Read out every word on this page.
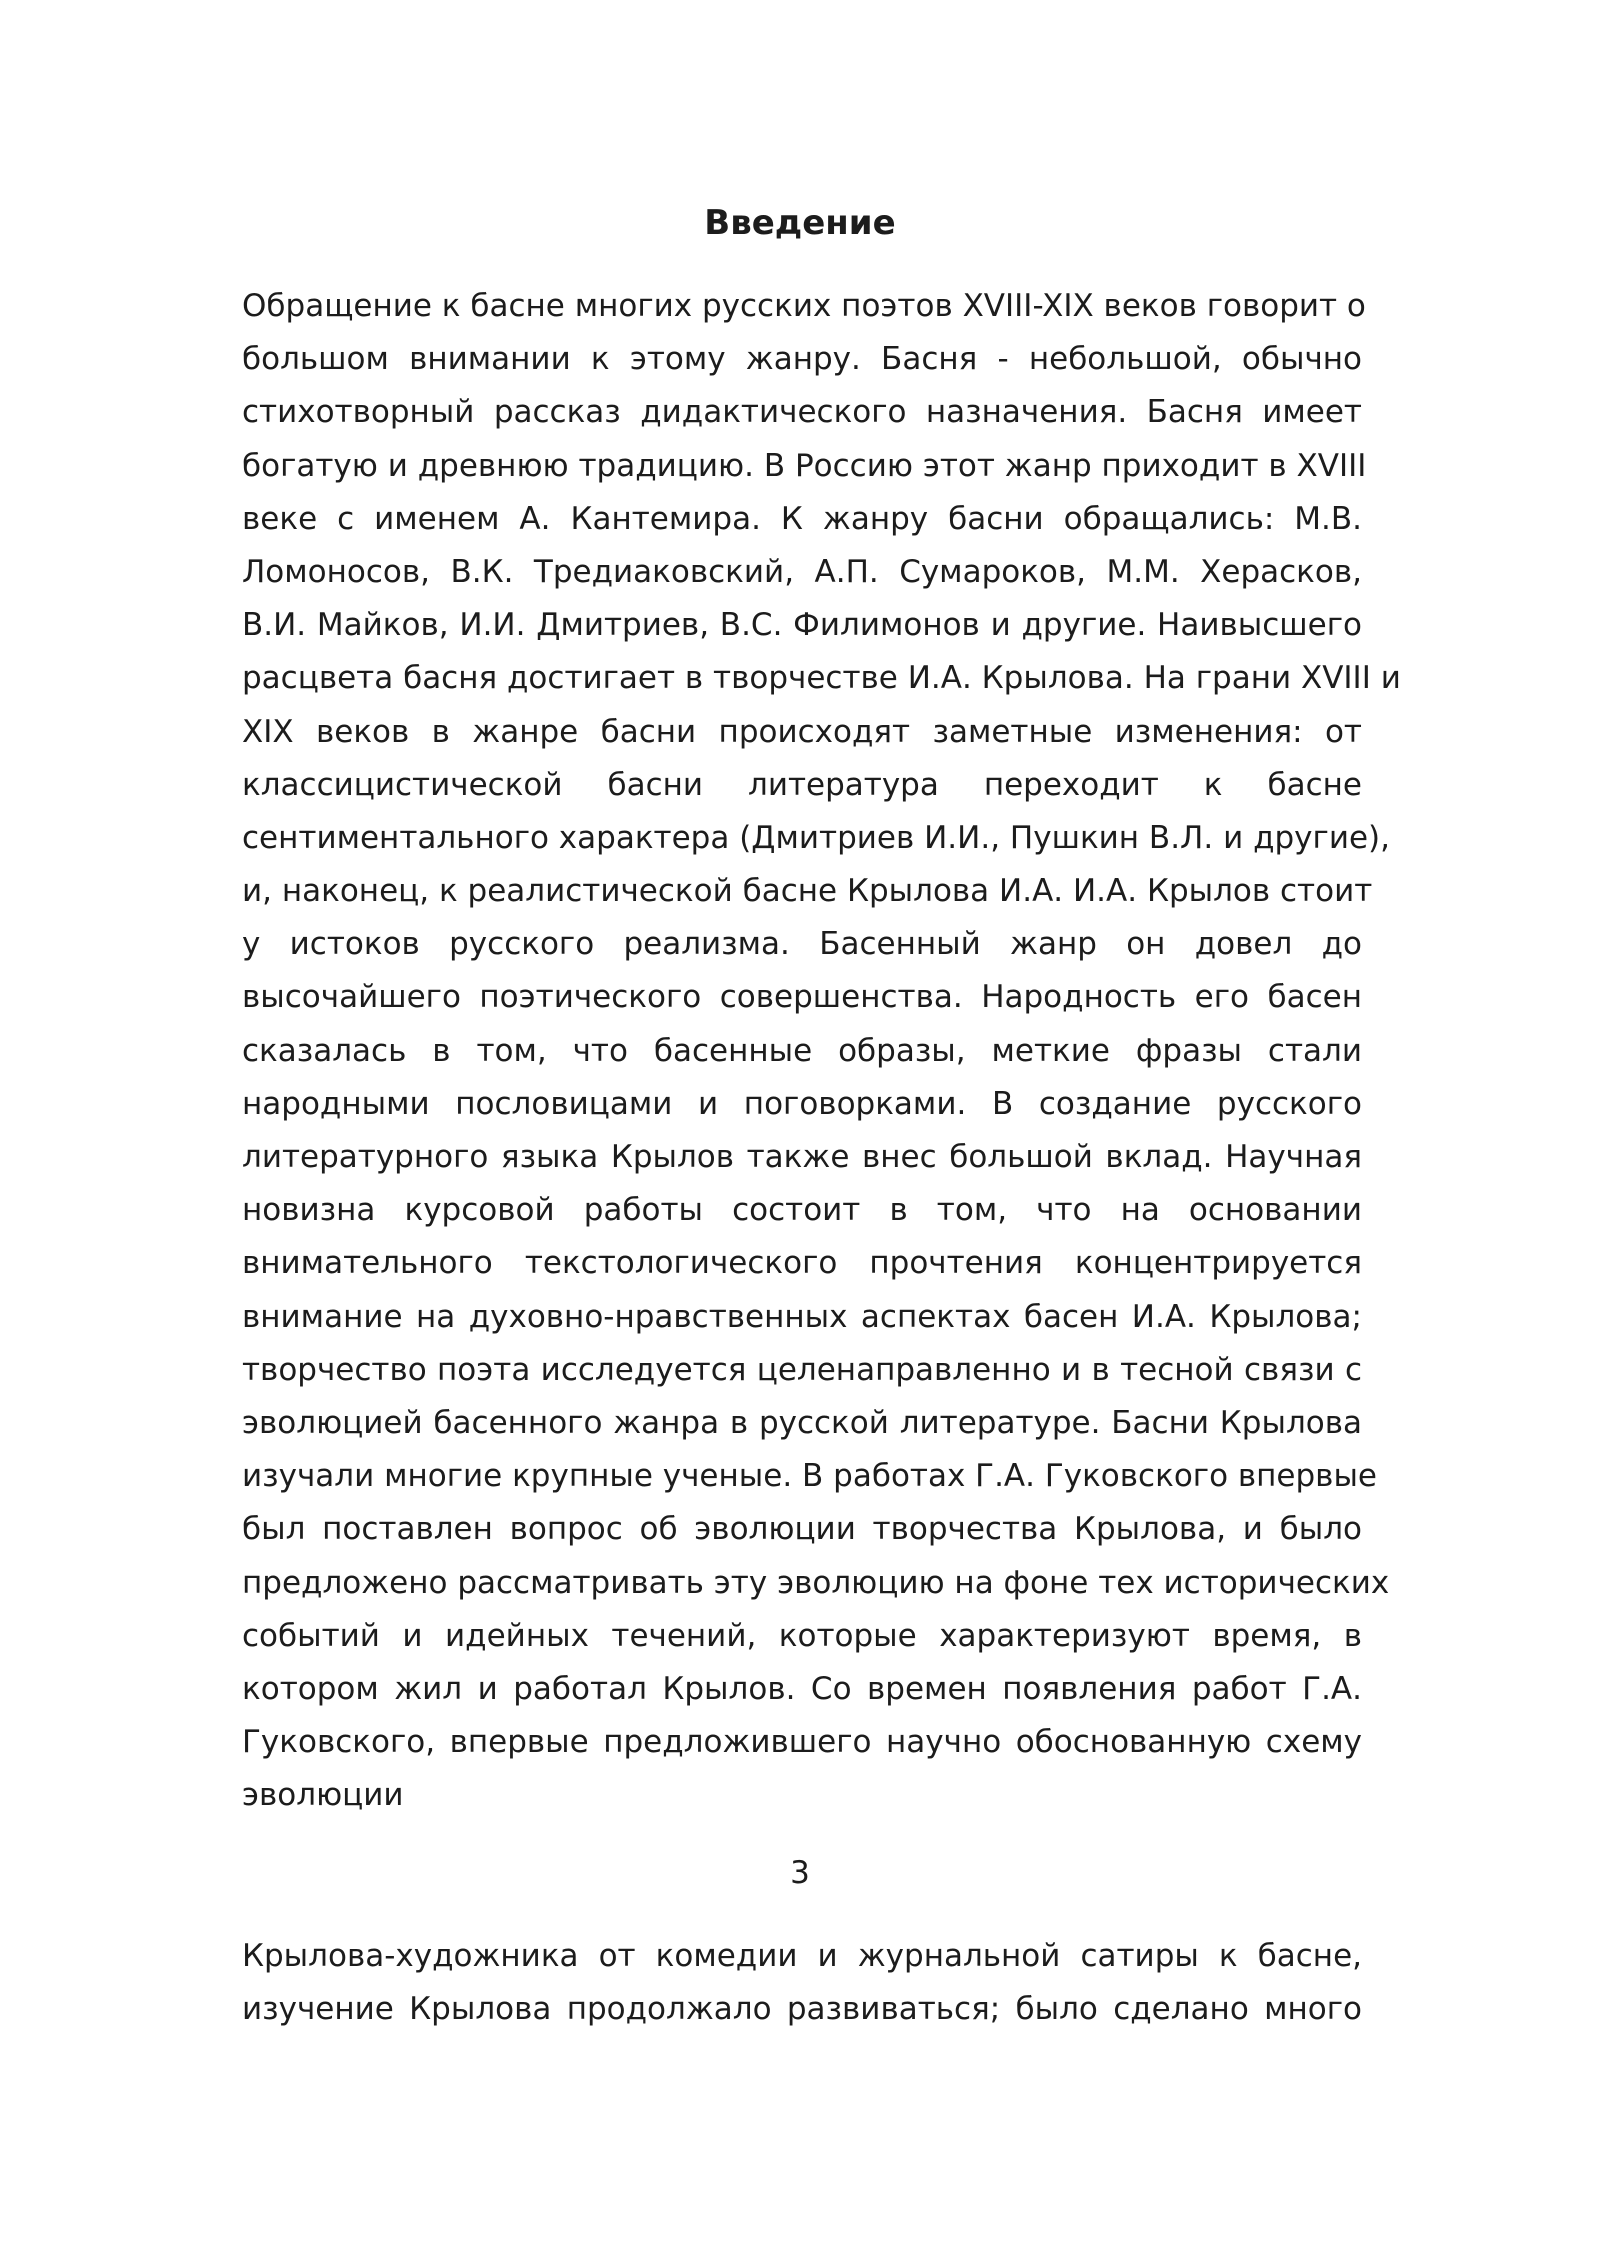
Введение
Обращение к басне многих русских поэтов XVIII-XIX веков говорит о
большом внимании к этому жанру. Басня - небольшой, обычно
стихотворный рассказ дидактического назначения. Басня имеет
богатую и древнюю традицию. В Россию этот жанр приходит в XVIII
веке с именем А. Кантемира. К жанру басни обращались: М.В.
Ломоносов, В.К. Тредиаковский, А.П. Сумароков, М.М. Херасков,
В.И. Майков, И.И. Дмитриев, В.С. Филимонов и другие. Наивысшего
расцвета басня достигает в творчестве И.А. Крылова. На грани XVIII и
XIX веков в жанре басни происходят заметные изменения: от
классицистической басни литература переходит к басне
сентиментального характера (Дмитриев И.И., Пушкин В.Л. и другие),
и, наконец, к реалистической басне Крылова И.А. И.А. Крылов стоит
у истоков русского реализма. Басенный жанр он довел до
высочайшего поэтического совершенства. Народность его басен
сказалась в том, что басенные образы, меткие фразы стали
народными пословицами и поговорками. В создание русского
литературного языка Крылов также внес большой вклад. Научная
новизна курсовой работы состоит в том, что на основании
внимательного текстологического прочтения концентрируется
внимание на духовно-нравственных аспектах басен И.А. Крылова;
творчество поэта исследуется целенаправленно и в тесной связи с
эволюцией басенного жанра в русской литературе. Басни Крылова
изучали многие крупные ученые. В работах Г.А. Гуковского впервые
был поставлен вопрос об эволюции творчества Крылова, и было
предложено рассматривать эту эволюцию на фоне тех исторических
событий и идейных течений, которые характеризуют время, в
котором жил и работал Крылов. Со времен появления работ Г.А.
Гуковского, впервые предложившего научно обоснованную схему
эволюции
3
Крылова-художника от комедии и журнальной сатиры к басне,
изучение Крылова продолжало развиваться; было сделано много
